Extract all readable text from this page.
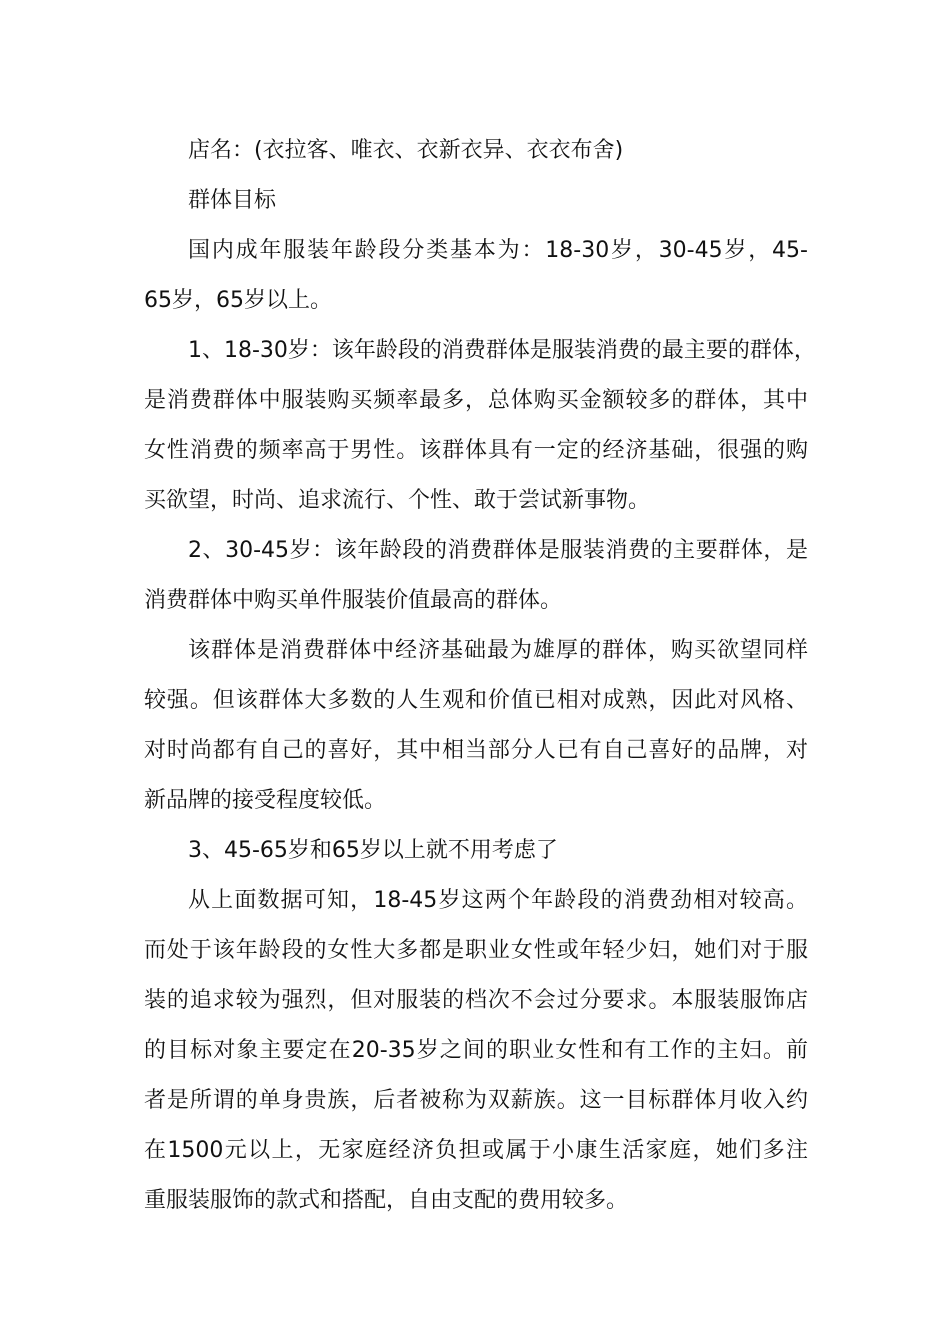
店名：(衣拉客、唯衣、衣新衣异、衣衣布舍)
群体目标
国内成年服装年龄段分类基本为：18-30岁，30-45岁，45-
65岁，65岁以上。
1、18-30岁：该年龄段的消费群体是服装消费的最主要的群体，
是消费群体中服装购买频率最多，总体购买金额较多的群体，其中
女性消费的频率高于男性。该群体具有一定的经济基础，很强的购
买欲望，时尚、追求流行、个性、敢于尝试新事物。
2、30-45岁：该年龄段的消费群体是服装消费的主要群体，是
消费群体中购买单件服装价值最高的群体。
该群体是消费群体中经济基础最为雄厚的群体，购买欲望同样
较强。但该群体大多数的人生观和价值已相对成熟，因此对风格、
对时尚都有自己的喜好，其中相当部分人已有自己喜好的品牌，对
新品牌的接受程度较低。
3、45-65岁和65岁以上就不用考虑了
从上面数据可知，18-45岁这两个年龄段的消费劲相对较高。
而处于该年龄段的女性大多都是职业女性或年轻少妇，她们对于服
装的追求较为强烈，但对服装的档次不会过分要求。本服装服饰店
的目标对象主要定在20-35岁之间的职业女性和有工作的主妇。前
者是所谓的单身贵族，后者被称为双薪族。这一目标群体月收入约
在1500元以上，无家庭经济负担或属于小康生活家庭，她们多注
重服装服饰的款式和搭配，自由支配的费用较多。
